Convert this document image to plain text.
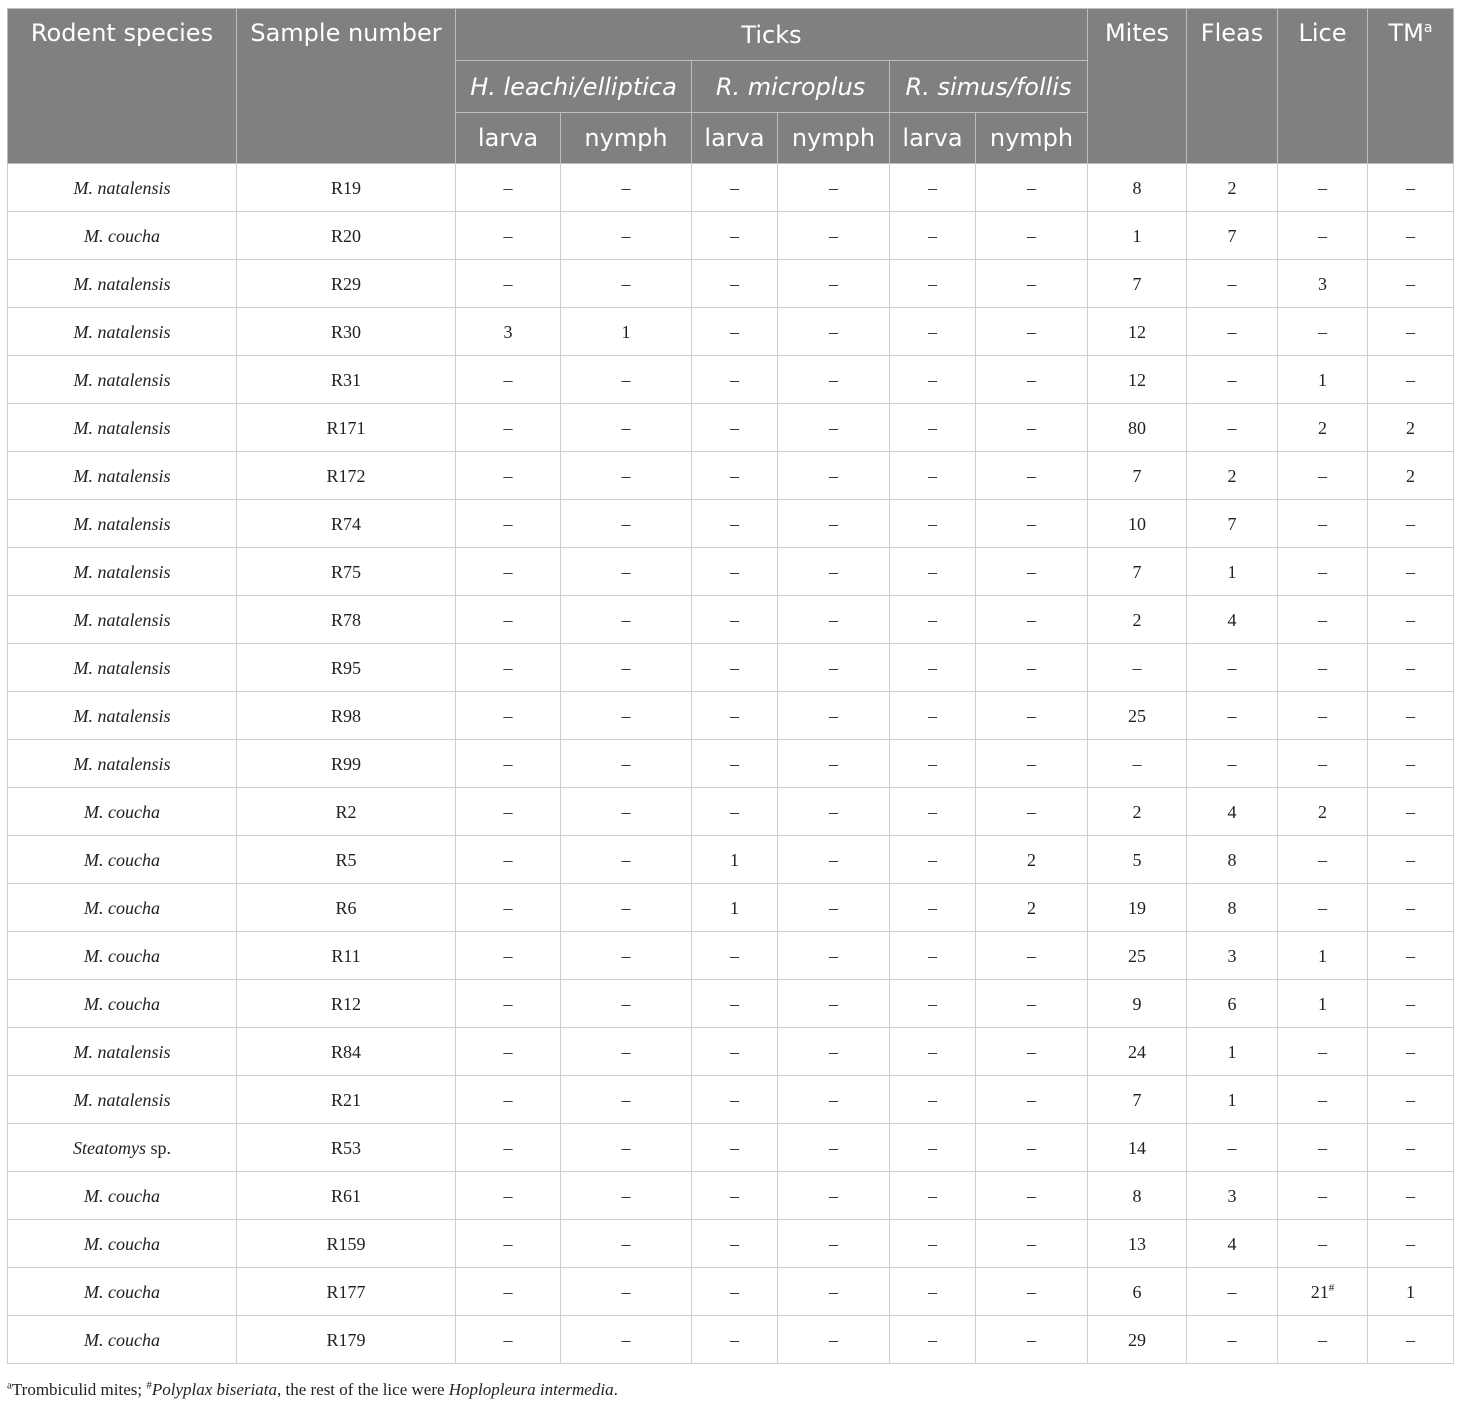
Rodent species	Sample number	Ticks						Mites	Fleas	Lice	$TM^a$
		H. leachi/elliptica		R. microplus		R. simus/follis					
		larva	nymph	larva	nymph	larva	nymph				
M. natalensis	R19	–	–	–	–	–	–	8	2	–	–
M. coucha	R20	–	–	–	–	–	–	1	7	–	–
M. natalensis	R29	–	–	–	–	–	–	7	–	3	–
M. natalensis	R30	3	1	–	–	–	–	12	–	–	–
M. natalensis	R31	–	–	–	–	–	–	12	–	1	–
M. natalensis	R171	–	–	–	–	–	–	80	–	2	2
M. natalensis	R172	–	–	–	–	–	–	7	2	–	2
M. natalensis	R74	–	–	–	–	–	–	10	7	–	–
M. natalensis	R75	–	–	–	–	–	–	7	1	–	–
M. natalensis	R78	–	–	–	–	–	–	2	4	–	–
M. natalensis	R95	–	–	–	–	–	–	–	–	–	–
M. natalensis	R98	–	–	–	–	–	–	25	–	–	–
M. natalensis	R99	–	–	–	–	–	–	–	–	–	–
M. coucha	R2	–	–	–	–	–	–	2	4	2	–
M. coucha	R5	–	–	1	–	–	2	5	8	–	–
M. coucha	R6	–	–	1	–	–	2	19	8	–	–
M. coucha	R11	–	–	–	–	–	–	25	3	1	–
M. coucha	R12	–	–	–	–	–	–	9	6	1	–
M. natalensis	R84	–	–	–	–	–	–	24	1	–	–
M. natalensis	R21	–	–	–	–	–	–	7	1	–	–
Steatomys sp.	R53	–	–	–	–	–	–	14	–	–	–
M. coucha	R61	–	–	–	–	–	–	8	3	–	–
M. coucha	R159	–	–	–	–	–	–	13	4	–	–
M. coucha	R177	–	–	–	–	–	–	6	–	21#	1
M. coucha	R179	–	–	–	–	–	–	29	–	–	–
$^a$Trombiculid mites; #Polyplax biseriata, the rest of the lice were Hoplopleura intermedia.
